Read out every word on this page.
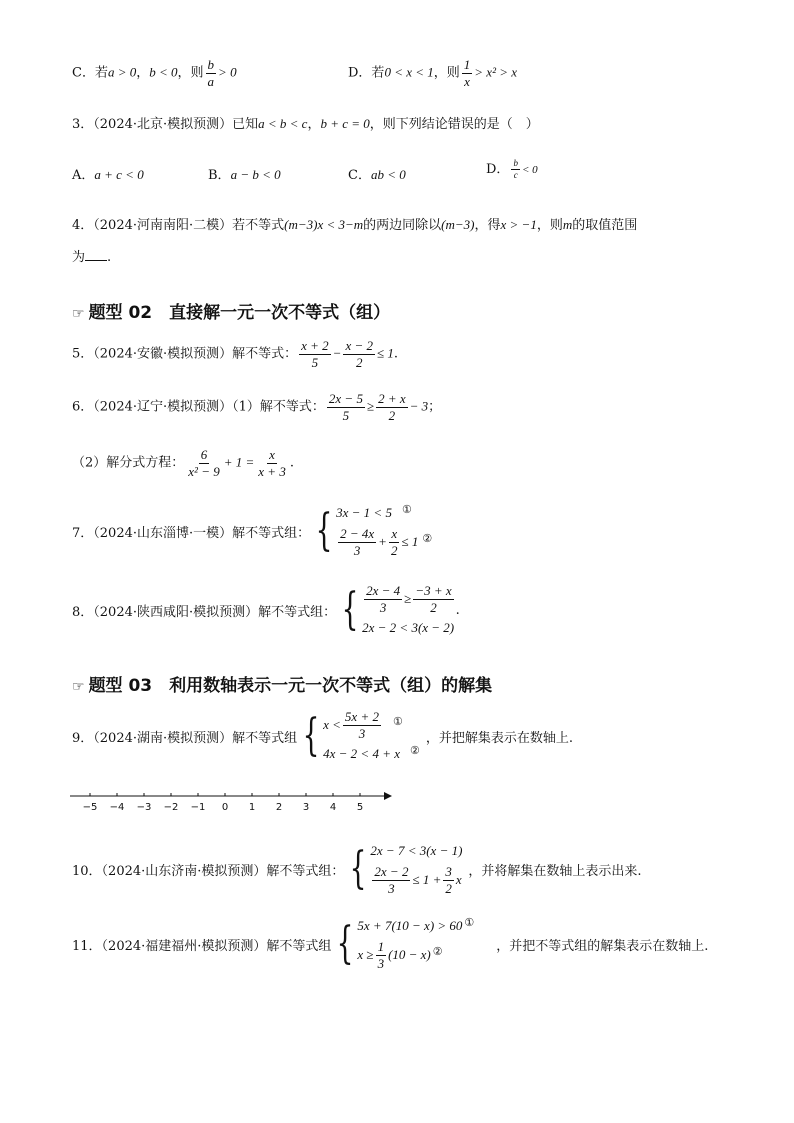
C．若a > 0，b < 0，则 $\frac{b}{a} > 0$	D．若0 < x < 1，则 $\frac{1}{x} > x^2 > x$
3．（2024·北京·模拟预测）已知a < b < c，b + c = 0，则下列结论错误的是（　）
A．a + c < 0	B．a − b < 0	C．ab < 0	D． $\frac{b}{c} < 0$
4．（2024·河南南阳·二模）若不等式(m−3)x < 3−m的两边同除以(m−3)，得x > −1，则m的取值范围
为 .
☞ 题型 02　直接解一元一次不等式（组）
5．（2024·安徽·模拟预测）解不等式： $\frac{x + 2}{5} - \frac{x - 2}{2} \le 1$.
6．（2024·辽宁·模拟预测）（1）解不等式： $\frac{2x - 5}{5} \ge \frac{2 + x}{2} - 3$；
（2）解分式方程： $\frac{6}{\text{x² − 9}} + 1 = \frac{x}{x + 3}$ .
7．（2024·山东淄博·一模）解不等式组： { 3x − 1 < 5 ①
$\frac{2 - 4x}{3} + \frac{x}{2} \le 1$ ②
8．（2024·陕西咸阳·模拟预测）解不等式组： { $\frac{2x - 4}{3} \ge \frac{-3 + x}{2}$
2x − 2 < 3(x − 2)
.
☞ 题型 03　利用数轴表示一元一次不等式（组）的解集
9．（2024·湖南·模拟预测）解不等式组 { $x < \frac{5x + 2}{3}$ ①
4x − 2 < 4 + x ②
，并把解集表示在数轴上.
−5 −4 −3 −2 −1 0 1 2 3 4 5
10．（2024·山东济南·模拟预测）解不等式组： { 2x − 7 < 3(x − 1)
$\frac{2x - 2}{3} \le 1 + \frac{3}{2}$ x
，并将解集在数轴上表示出来.
11．（2024·福建福州·模拟预测）解不等式组 { 5x + 7(10 − x) > 60 ①
$x \ge \frac{1}{3} (10 - x)$ ②	，并把不等式组的解集表示在数轴上.
